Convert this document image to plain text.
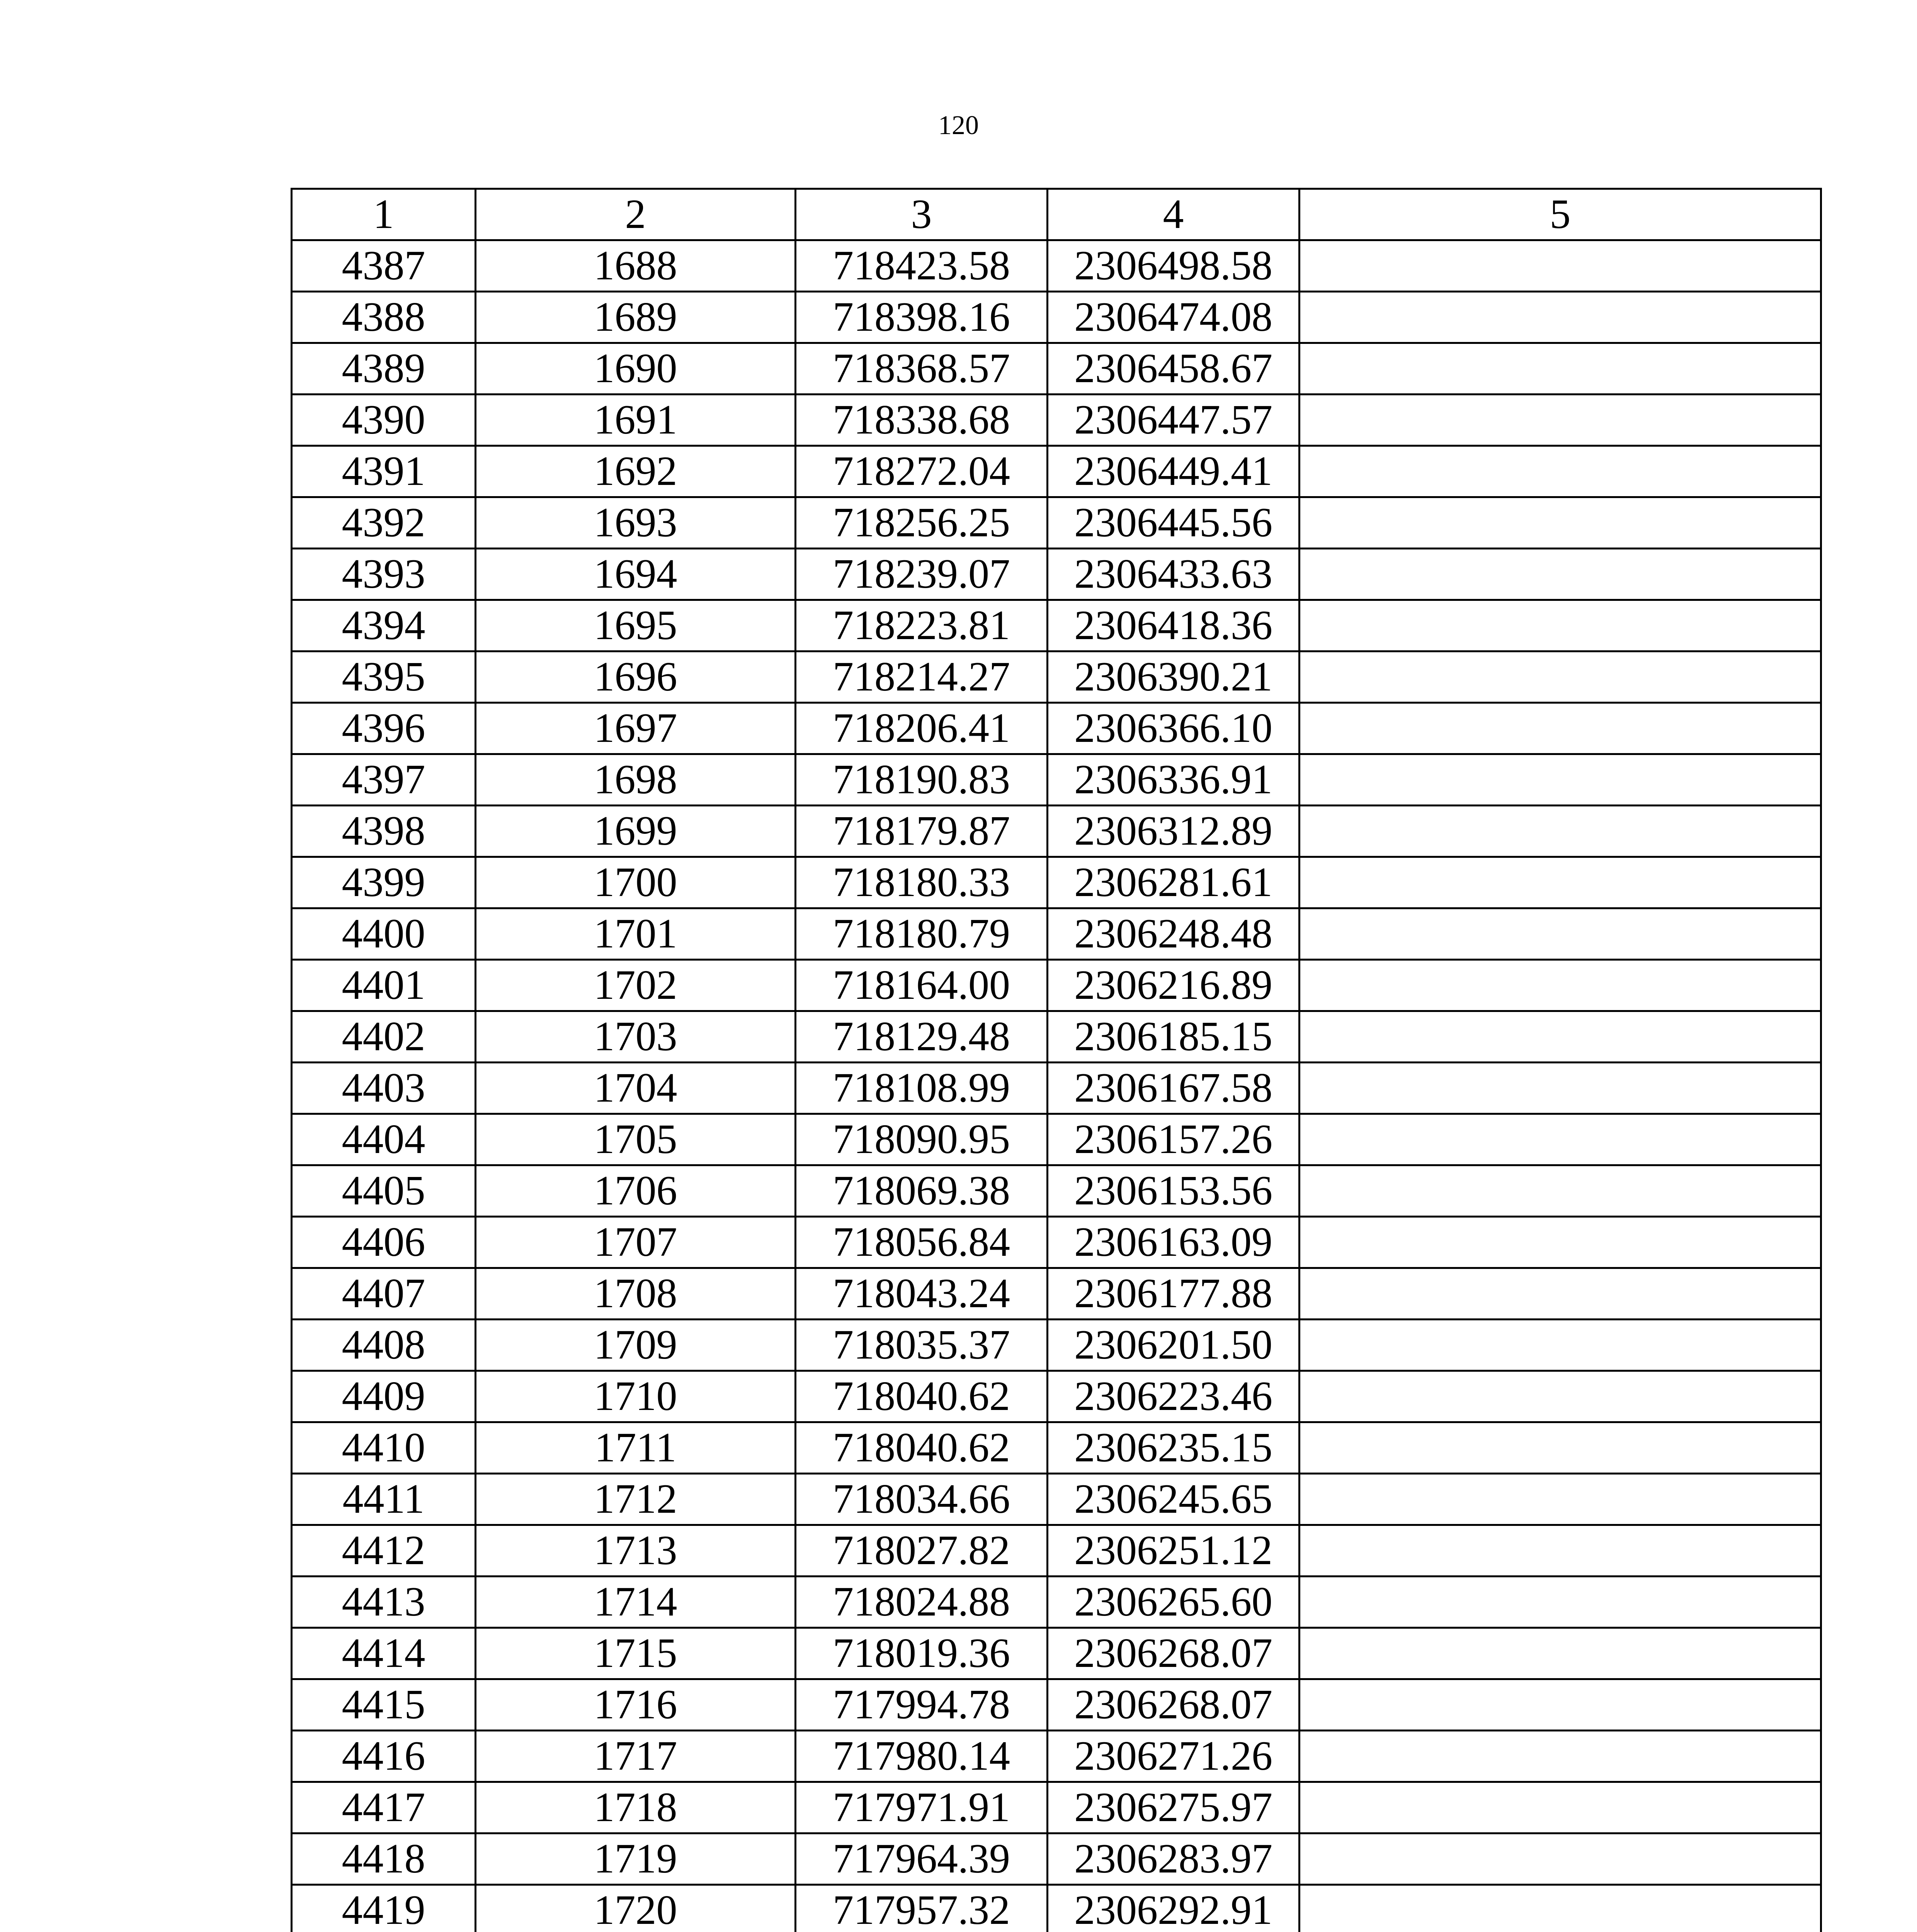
120
1	2	3	4	5
4387	1688	718423.58	2306498.58	
4388	1689	718398.16	2306474.08	
4389	1690	718368.57	2306458.67	
4390	1691	718338.68	2306447.57	
4391	1692	718272.04	2306449.41	
4392	1693	718256.25	2306445.56	
4393	1694	718239.07	2306433.63	
4394	1695	718223.81	2306418.36	
4395	1696	718214.27	2306390.21	
4396	1697	718206.41	2306366.10	
4397	1698	718190.83	2306336.91	
4398	1699	718179.87	2306312.89	
4399	1700	718180.33	2306281.61	
4400	1701	718180.79	2306248.48	
4401	1702	718164.00	2306216.89	
4402	1703	718129.48	2306185.15	
4403	1704	718108.99	2306167.58	
4404	1705	718090.95	2306157.26	
4405	1706	718069.38	2306153.56	
4406	1707	718056.84	2306163.09	
4407	1708	718043.24	2306177.88	
4408	1709	718035.37	2306201.50	
4409	1710	718040.62	2306223.46	
4410	1711	718040.62	2306235.15	
4411	1712	718034.66	2306245.65	
4412	1713	718027.82	2306251.12	
4413	1714	718024.88	2306265.60	
4414	1715	718019.36	2306268.07	
4415	1716	717994.78	2306268.07	
4416	1717	717980.14	2306271.26	
4417	1718	717971.91	2306275.97	
4418	1719	717964.39	2306283.97	
4419	1720	717957.32	2306292.91	
